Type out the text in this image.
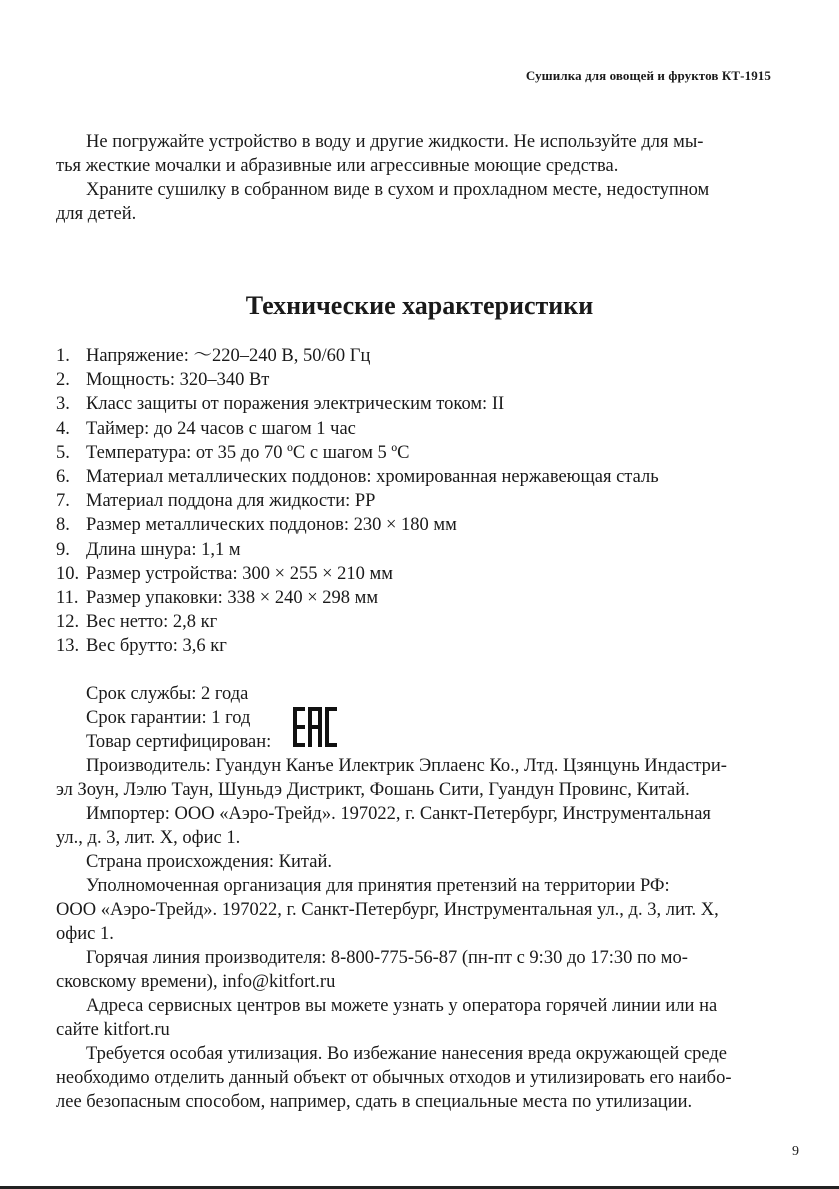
Сушилка для овощей и фруктов КТ-1915
Не погружайте устройство в воду и другие жидкости. Не используйте для мы-
тья жесткие мочалки и абразивные или агрессивные моющие средства.
Храните сушилку в собранном виде в сухом и прохладном месте, недоступном
для детей.
Технические характеристики
1. Напряжение: ～220–240 В, 50/60 Гц
2. Мощность: 320–340 Вт
3. Класс защиты от поражения электрическим током: II
4. Таймер: до 24 часов с шагом 1 час
5. Температура: от 35 до 70 ºС с шагом 5 ºС
6. Материал металлических поддонов: хромированная нержавеющая сталь
7. Материал поддона для жидкости: PP
8. Размер металлических поддонов: 230 × 180 мм
9. Длина шнура: 1,1 м
10. Размер устройства: 300 × 255 × 210 мм
11. Размер упаковки: 338 × 240 × 298 мм
12. Вес нетто: 2,8 кг
13. Вес брутто: 3,6 кг
Срок службы: 2 года
Срок гарантии: 1 год
Товар сертифицирован:
Производитель: Гуандун Канъе Илектрик Эплаенс Ко., Лтд. Цзянцунь Индастри-
эл Зоун, Лэлю Таун, Шуньдэ Дистрикт, Фошань Сити, Гуандун Провинс, Китай.
Импортер: ООО «Аэро-Трейд». 197022, г. Санкт-Петербург, Инструментальная
ул., д. 3, лит. Х, офис 1.
Страна происхождения: Китай.
Уполномоченная организация для принятия претензий на территории РФ:
ООО «Аэро-Трейд». 197022, г. Санкт-Петербург, Инструментальная ул., д. 3, лит. Х,
офис 1.
Горячая линия производителя: 8-800-775-56-87 (пн-пт с 9:30 до 17:30 по мо-
сковскому времени), info@kitfort.ru
Адреса сервисных центров вы можете узнать у оператора горячей линии или на
сайте kitfort.ru
Требуется особая утилизация. Во избежание нанесения вреда окружающей среде
необходимо отделить данный объект от обычных отходов и утилизировать его наибо-
лее безопасным способом, например, сдать в специальные места по утилизации.
9
